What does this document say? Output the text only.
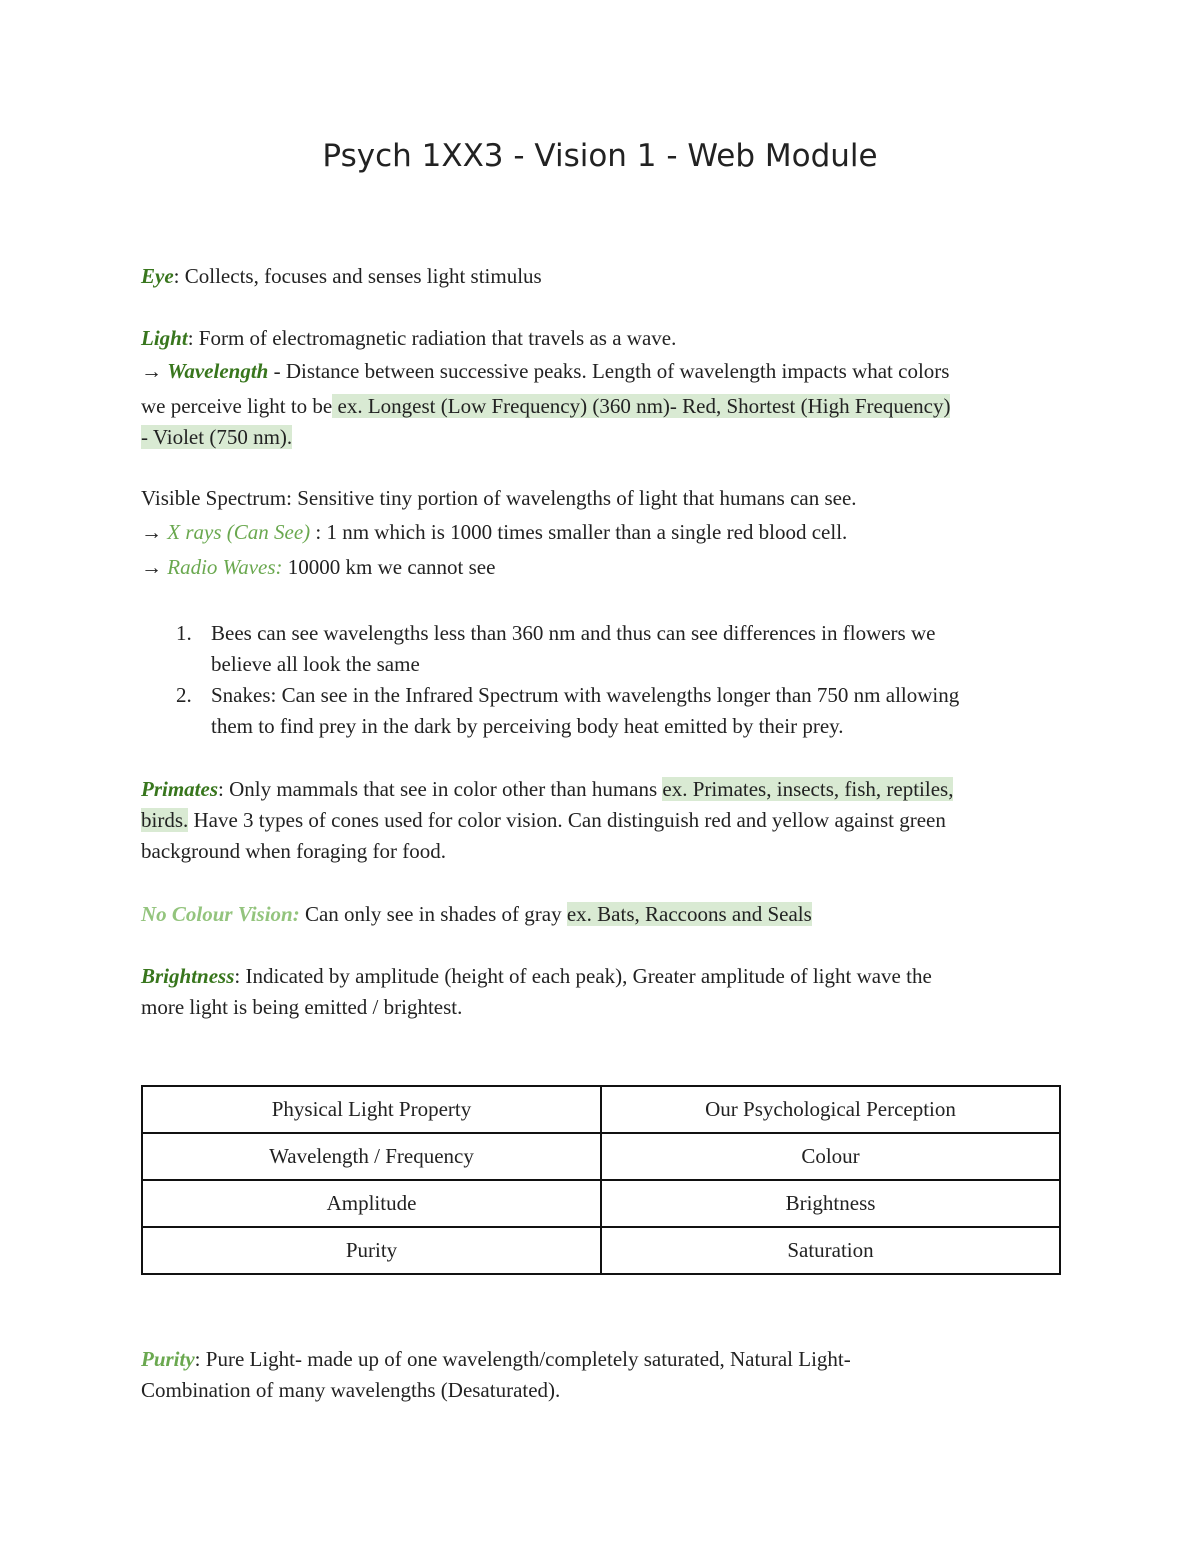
Psych 1XX3 - Vision 1 - Web Module
Eye: Collects, focuses and senses light stimulus
Light: Form of electromagnetic radiation that travels as a wave.
→ Wavelength - Distance between successive peaks. Length of wavelength impacts what colors
we perceive light to be ex. Longest (Low Frequency) (360 nm)- Red, Shortest (High Frequency)
- Violet (750 nm).
Visible Spectrum: Sensitive tiny portion of wavelengths of light that humans can see.
→ X rays (Can See) : 1 nm which is 1000 times smaller than a single red blood cell.
→ Radio Waves: 10000 km we cannot see
1. Bees can see wavelengths less than 360 nm and thus can see differences in flowers we
believe all look the same
2. Snakes: Can see in the Infrared Spectrum with wavelengths longer than 750 nm allowing
them to find prey in the dark by perceiving body heat emitted by their prey.
Primates: Only mammals that see in color other than humans ex. Primates, insects, fish, reptiles,
birds. Have 3 types of cones used for color vision. Can distinguish red and yellow against green
background when foraging for food.
No Colour Vision: Can only see in shades of gray ex. Bats, Raccoons and Seals
Brightness: Indicated by amplitude (height of each peak), Greater amplitude of light wave the
more light is being emitted / brightest.
Physical Light Property	Our Psychological Perception
Wavelength / Frequency	Colour
Amplitude	Brightness
Purity	Saturation
Purity: Pure Light- made up of one wavelength/completely saturated, Natural Light-
Combination of many wavelengths (Desaturated).
